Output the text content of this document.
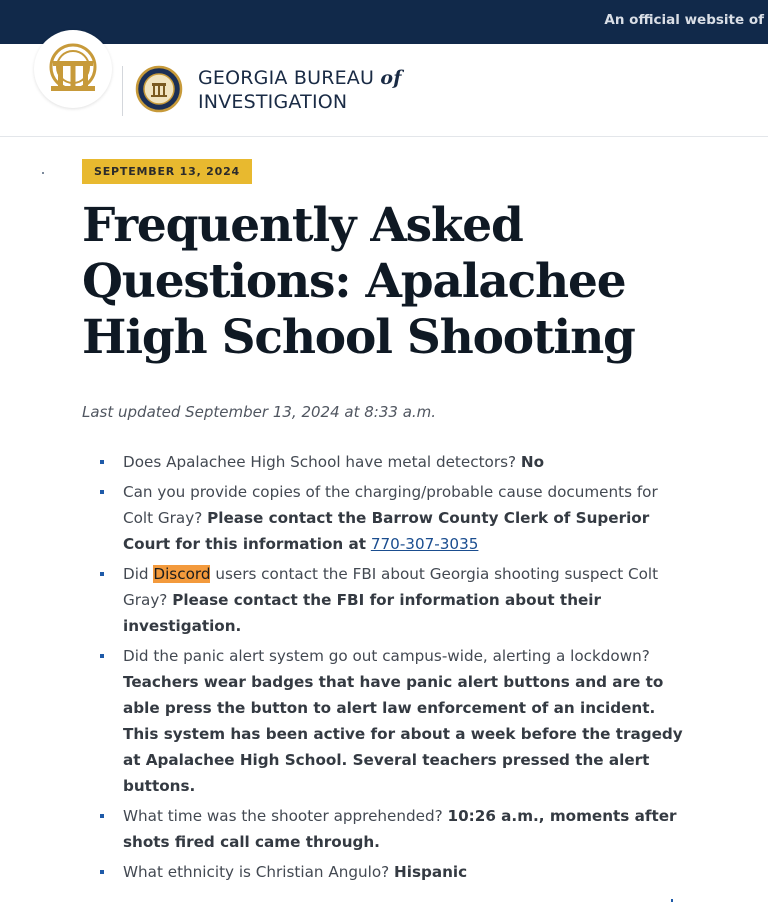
An official website of
GEORGIA BUREAU of
INVESTIGATION
SEPTEMBER 13, 2024
Frequently Asked Questions: Apalachee High School Shooting
Last updated September 13, 2024 at 8:33 a.m.
Does Apalachee High School have metal detectors? No
Can you provide copies of the charging/probable cause documents for Colt Gray? Please contact the Barrow County Clerk of Superior Court for this information at 770-307-3035
Did Discord users contact the FBI about Georgia shooting suspect Colt Gray? Please contact the FBI for information about their investigation.
Did the panic alert system go out campus-wide, alerting a lockdown? Teachers wear badges that have panic alert buttons and are to able press the button to alert law enforcement of an incident. This system has been active for about a week before the tragedy at Apalachee High School. Several teachers pressed the alert buttons.
What time was the shooter apprehended? 10:26 a.m., moments after shots fired call came through.
What ethnicity is Christian Angulo? Hispanic
